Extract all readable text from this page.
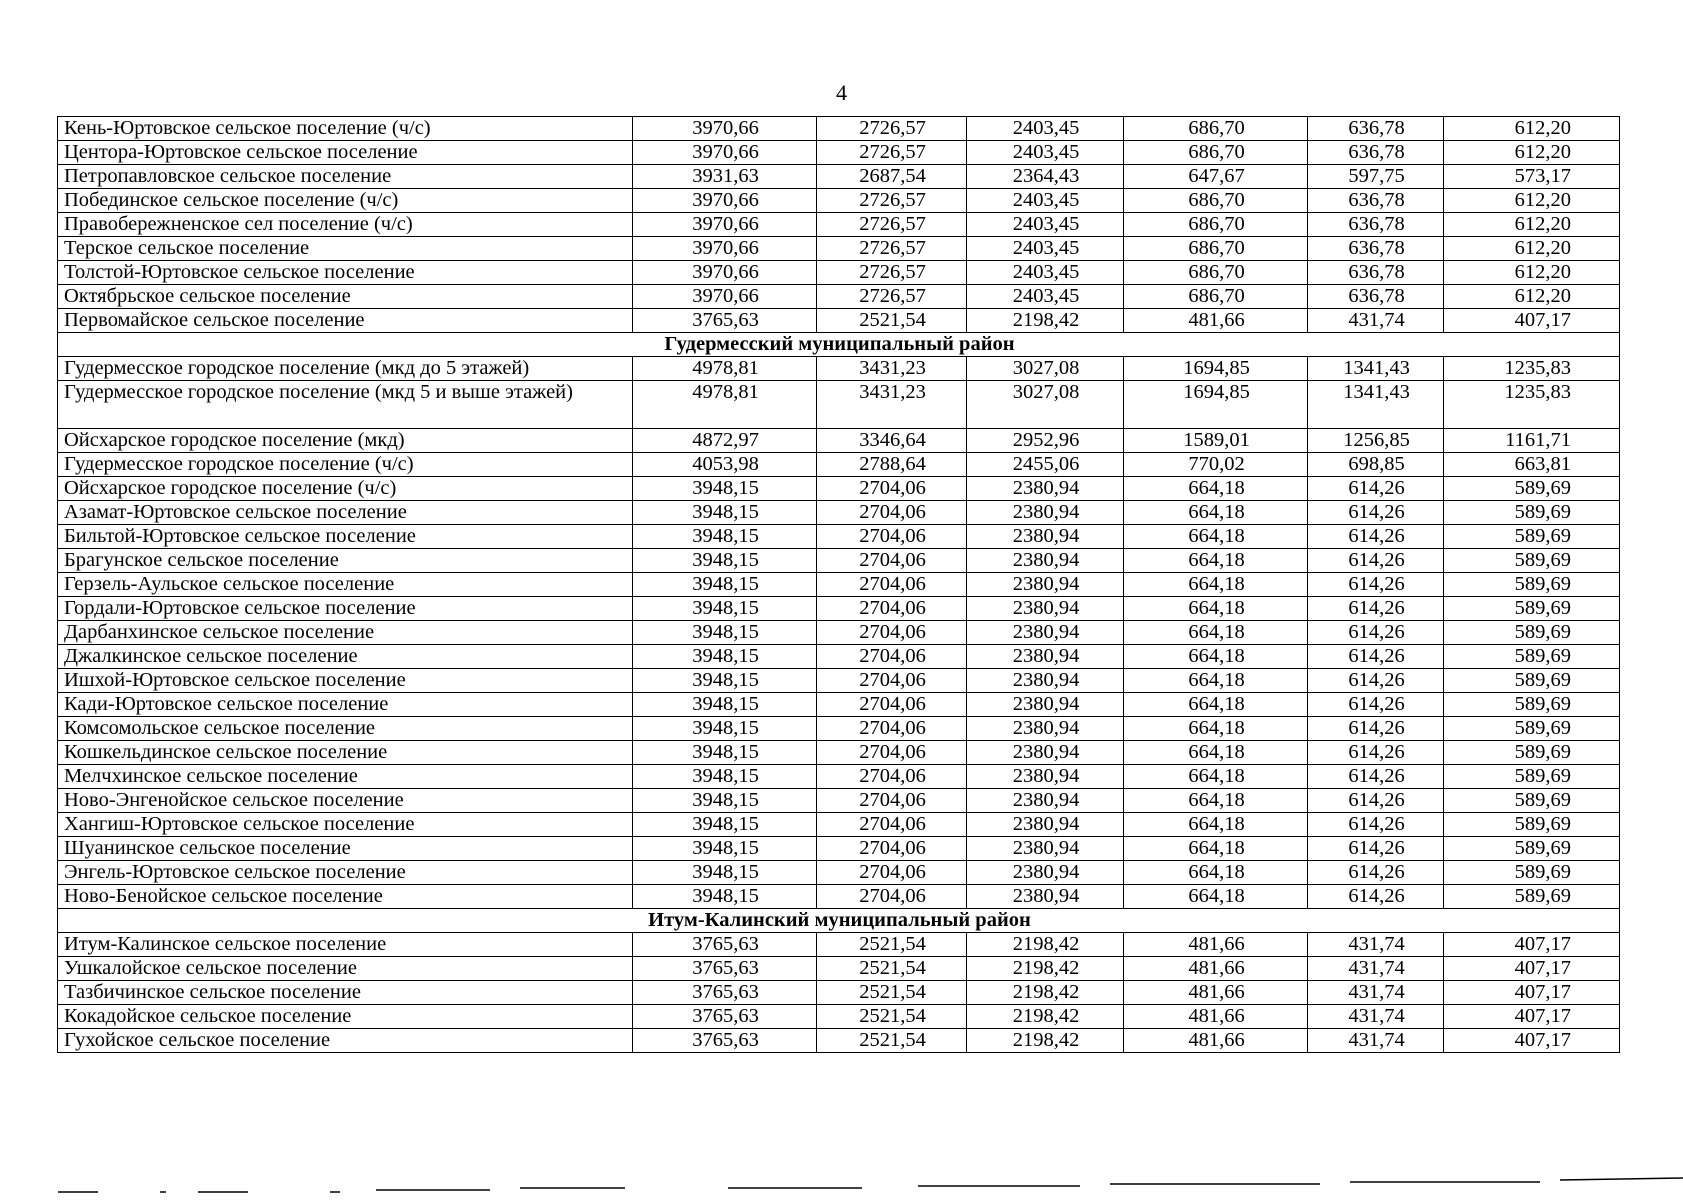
4
Кень-Юртовское сельское поселение (ч/с)	3970,66	2726,57	2403,45	686,70	636,78	612,20
Центора-Юртовское сельское поселение	3970,66	2726,57	2403,45	686,70	636,78	612,20
Петропавловское сельское поселение	3931,63	2687,54	2364,43	647,67	597,75	573,17
Побединское сельское поселение (ч/с)	3970,66	2726,57	2403,45	686,70	636,78	612,20
Правобережненское сел поселение (ч/с)	3970,66	2726,57	2403,45	686,70	636,78	612,20
Терское сельское поселение	3970,66	2726,57	2403,45	686,70	636,78	612,20
Толстой-Юртовское сельское поселение	3970,66	2726,57	2403,45	686,70	636,78	612,20
Октябрьское сельское поселение	3970,66	2726,57	2403,45	686,70	636,78	612,20
Первомайское сельское поселение	3765,63	2521,54	2198,42	481,66	431,74	407,17
Гудермесский муниципальный район						
Гудермесское городское поселение (мкд до 5 этажей)	4978,81	3431,23	3027,08	1694,85	1341,43	1235,83
Гудермесское городское поселение (мкд 5 и выше этажей)	4978,81	3431,23	3027,08	1694,85	1341,43	1235,83
Ойсхарское городское поселение (мкд)	4872,97	3346,64	2952,96	1589,01	1256,85	1161,71
Гудермесское городское поселение (ч/с)	4053,98	2788,64	2455,06	770,02	698,85	663,81
Ойсхарское городское поселение (ч/с)	3948,15	2704,06	2380,94	664,18	614,26	589,69
Азамат-Юртовское сельское поселение	3948,15	2704,06	2380,94	664,18	614,26	589,69
Бильтой-Юртовское сельское поселение	3948,15	2704,06	2380,94	664,18	614,26	589,69
Брагунское сельское поселение	3948,15	2704,06	2380,94	664,18	614,26	589,69
Герзель-Аульское сельское поселение	3948,15	2704,06	2380,94	664,18	614,26	589,69
Гордали-Юртовское сельское поселение	3948,15	2704,06	2380,94	664,18	614,26	589,69
Дарбанхинское сельское поселение	3948,15	2704,06	2380,94	664,18	614,26	589,69
Джалкинское сельское поселение	3948,15	2704,06	2380,94	664,18	614,26	589,69
Ишхой-Юртовское сельское поселение	3948,15	2704,06	2380,94	664,18	614,26	589,69
Кади-Юртовское сельское поселение	3948,15	2704,06	2380,94	664,18	614,26	589,69
Комсомольское сельское поселение	3948,15	2704,06	2380,94	664,18	614,26	589,69
Кошкельдинское сельское поселение	3948,15	2704,06	2380,94	664,18	614,26	589,69
Мелчхинское сельское поселение	3948,15	2704,06	2380,94	664,18	614,26	589,69
Ново-Энгенойское сельское поселение	3948,15	2704,06	2380,94	664,18	614,26	589,69
Хангиш-Юртовское сельское поселение	3948,15	2704,06	2380,94	664,18	614,26	589,69
Шуанинское сельское поселение	3948,15	2704,06	2380,94	664,18	614,26	589,69
Энгель-Юртовское сельское поселение	3948,15	2704,06	2380,94	664,18	614,26	589,69
Ново-Бенойское сельское поселение	3948,15	2704,06	2380,94	664,18	614,26	589,69
Итум-Калинский муниципальный район						
Итум-Калинское сельское поселение	3765,63	2521,54	2198,42	481,66	431,74	407,17
Ушкалойское сельское поселение	3765,63	2521,54	2198,42	481,66	431,74	407,17
Тазбичинское сельское поселение	3765,63	2521,54	2198,42	481,66	431,74	407,17
Кокадойское сельское поселение	3765,63	2521,54	2198,42	481,66	431,74	407,17
Гухойское сельское поселение	3765,63	2521,54	2198,42	481,66	431,74	407,17
